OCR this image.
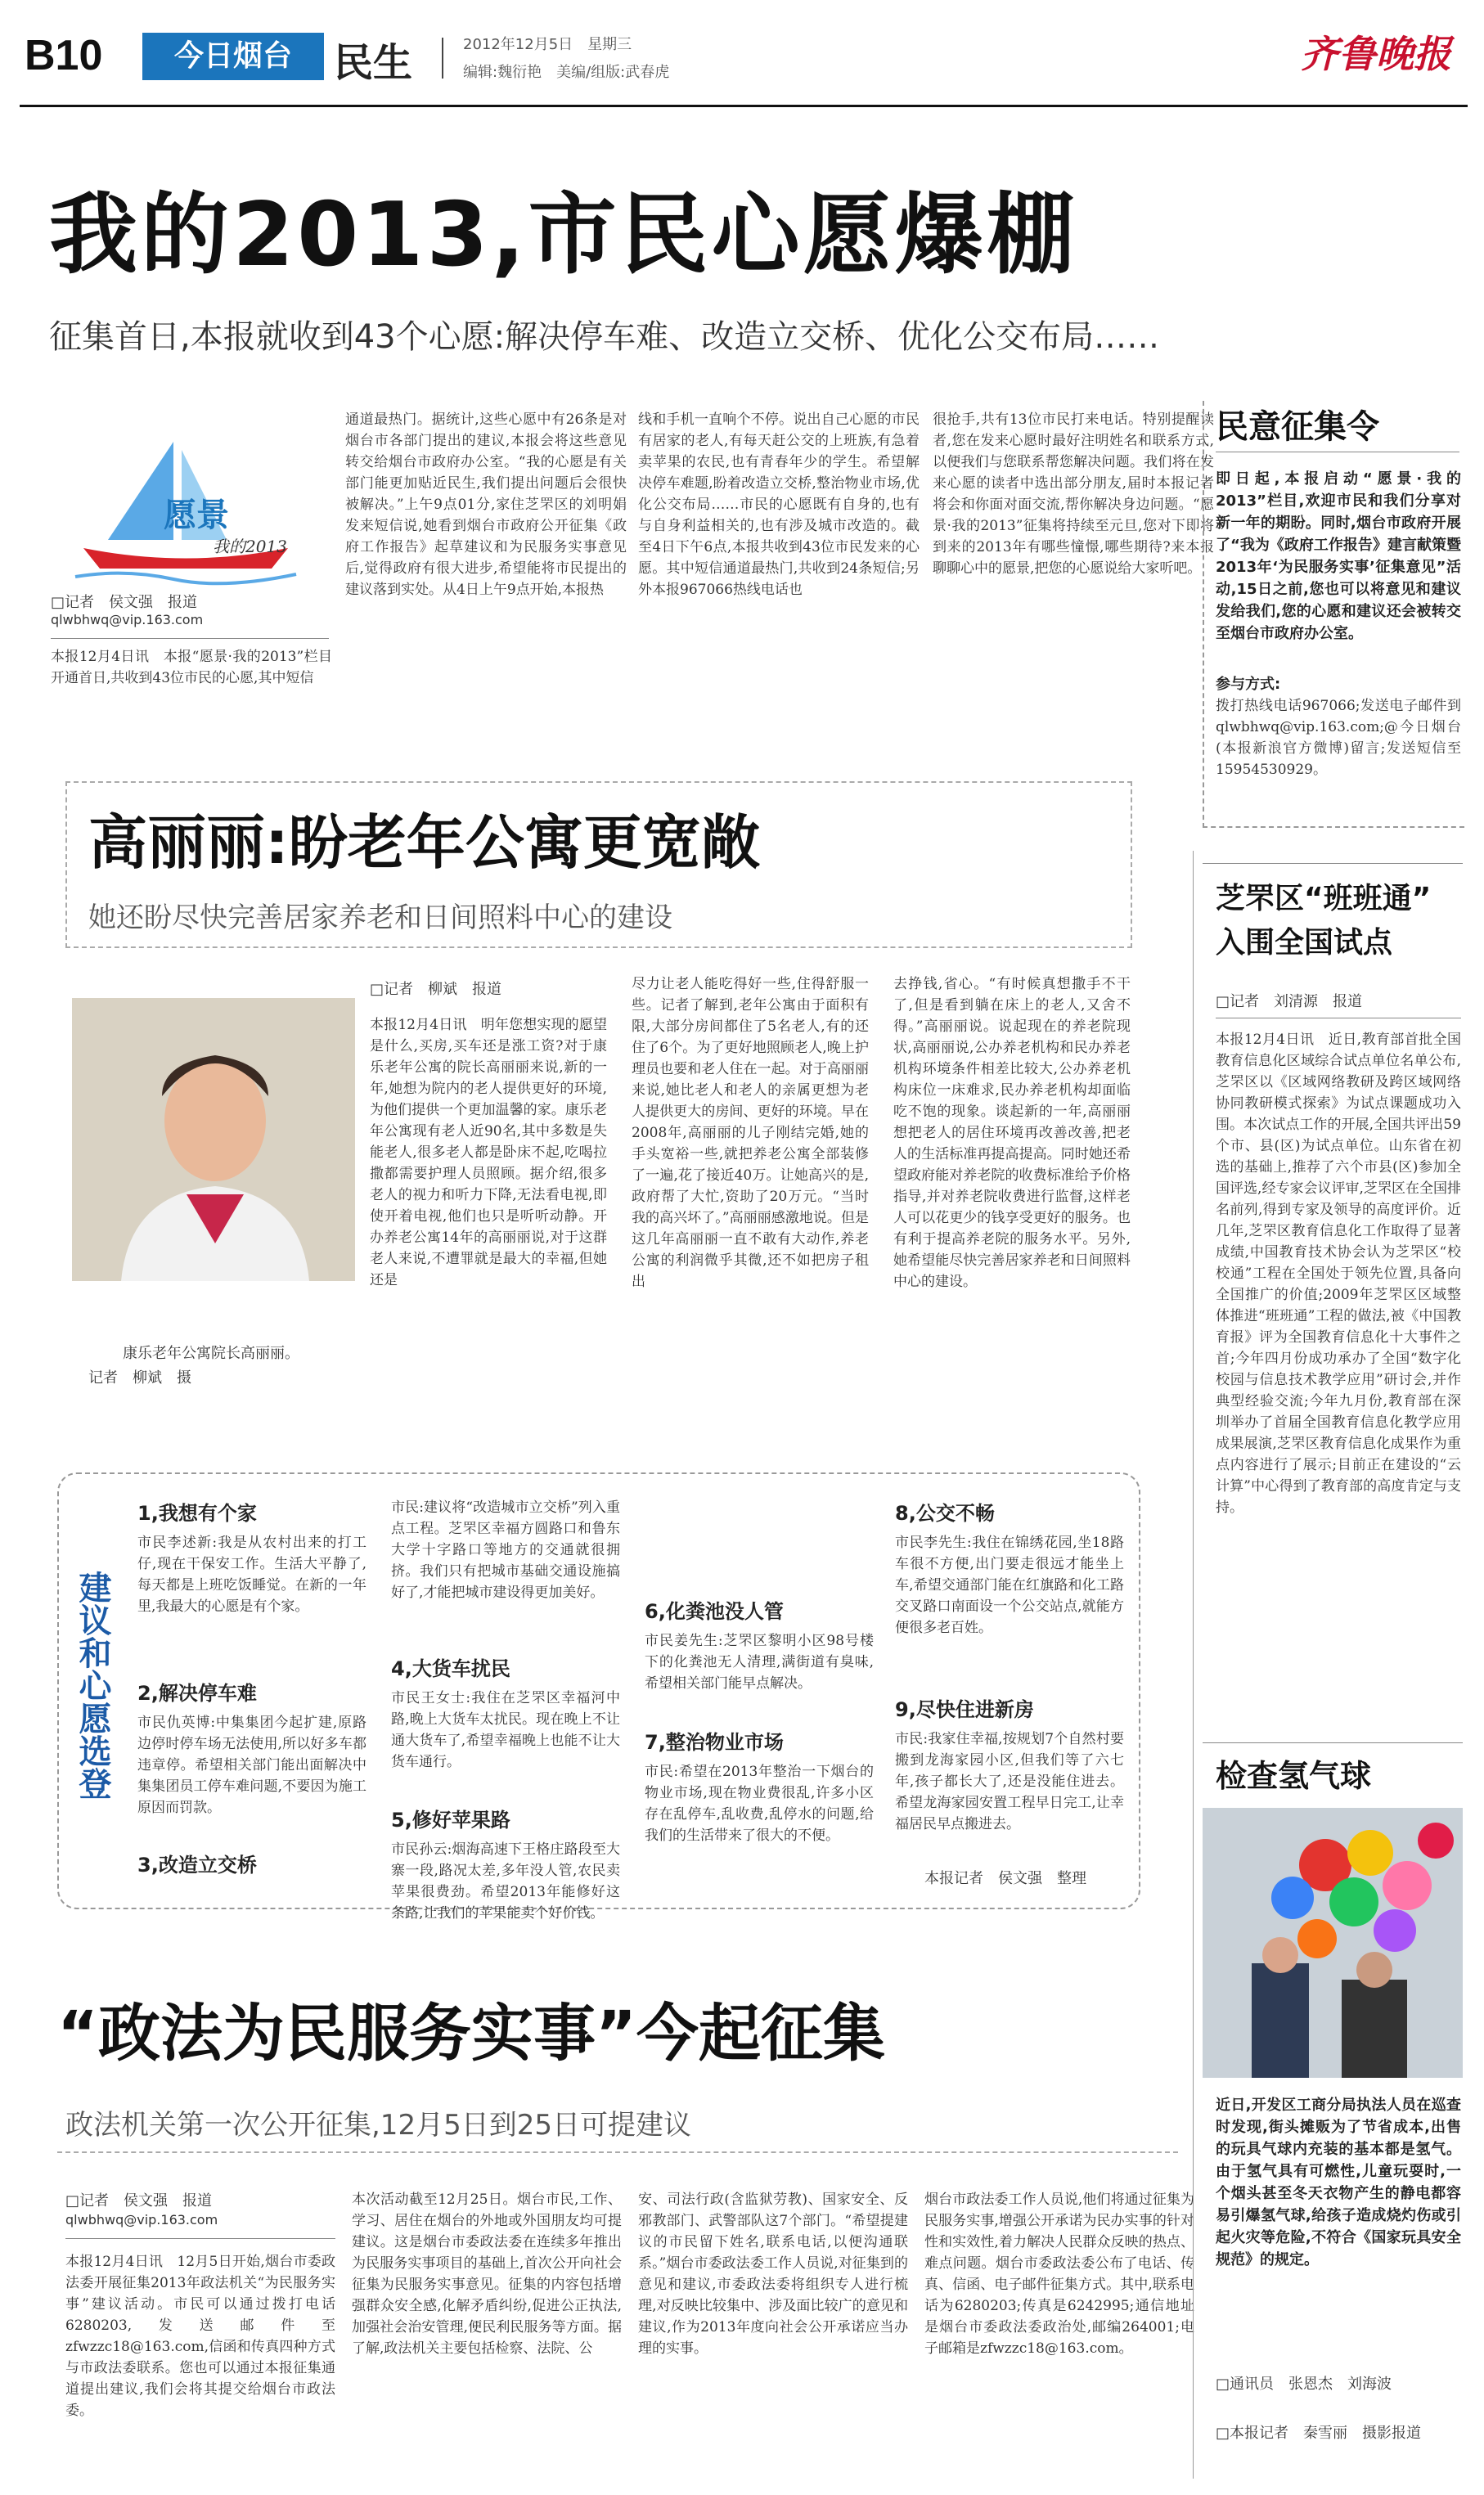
B10	今日烟台	民生	2012年12月5日　星期三
编辑:魏衍艳　美编/组版:武春虎	齐鲁晚报
我的2013,市民心愿爆棚
征集首日,本报就收到43个心愿:解决停车难、改造立交桥、优化公交布局……
愿景
我的2013
□记者　侯文强　报道
qlwbhwq@vip.163.com
本报12月4日讯　本报“愿景·我的2013”栏目开通首日,共收到43位市民的心愿,其中短信
通道最热门。据统计,这些心愿中有26条是对烟台市各部门提出的建议,本报会将这些意见转交给烟台市政府办公室。“我的心愿是有关部门能更加贴近民生,我们提出问题后会很快被解决。”上午9点01分,家住芝罘区的刘明娟发来短信说,她看到烟台市政府公开征集《政府工作报告》起草建议和为民服务实事意见后,觉得政府有很大进步,希望能将市民提出的建议落到实处。从4日上午9点开始,本报热
线和手机一直响个不停。说出自己心愿的市民有居家的老人,有每天赶公交的上班族,有急着卖苹果的农民,也有青春年少的学生。希望解决停车难题,盼着改造立交桥,整治物业市场,优化公交布局……市民的心愿既有自身的,也有与自身利益相关的,也有涉及城市改造的。截至4日下午6点,本报共收到43位市民发来的心愿。其中短信通道最热门,共收到24条短信;另外本报967066热线电话也
很抢手,共有13位市民打来电话。特别提醒读者,您在发来心愿时最好注明姓名和联系方式,以便我们与您联系帮您解决问题。我们将在发来心愿的读者中选出部分朋友,届时本报记者将会和你面对面交流,帮你解决身边问题。“愿景·我的2013”征集将持续至元旦,您对下即将到来的2013年有哪些憧憬,哪些期待?来本报聊聊心中的愿景,把您的心愿说给大家听吧。
民意征集令
即日起,本报启动“愿景·我的2013”栏目,欢迎市民和我们分享对新一年的期盼。同时,烟台市政府开展了“我为《政府工作报告》建言献策暨2013年‘为民服务实事’征集意见”活动,15日之前,您也可以将意见和建议发给我们,您的心愿和建议还会被转交至烟台市政府办公室。
参与方式:
拨打热线电话967066;发送电子邮件到qlwbhwq@vip.163.com;@今日烟台(本报新浪官方微博)留言;发送短信至15954530929。
高丽丽:盼老年公寓更宽敞
她还盼尽快完善居家养老和日间照料中心的建设
康乐老年公寓院长高丽丽。
记者　柳斌　摄
□记者　柳斌　报道
本报12月4日讯　明年您想实现的愿望是什么,买房,买车还是涨工资?对于康乐老年公寓的院长高丽丽来说,新的一年,她想为院内的老人提供更好的环境,为他们提供一个更加温馨的家。康乐老年公寓现有老人近90名,其中多数是失能老人,很多老人都是卧床不起,吃喝拉撒都需要护理人员照顾。据介绍,很多老人的视力和听力下降,无法看电视,即使开着电视,他们也只是听听动静。开办养老公寓14年的高丽丽说,对于这群老人来说,不遭罪就是最大的幸福,但她还是
尽力让老人能吃得好一些,住得舒服一些。记者了解到,老年公寓由于面积有限,大部分房间都住了5名老人,有的还住了6个。为了更好地照顾老人,晚上护理员也要和老人住在一起。对于高丽丽来说,她比老人和老人的亲属更想为老人提供更大的房间、更好的环境。早在2008年,高丽丽的儿子刚结完婚,她的手头宽裕一些,就把养老公寓全部装修了一遍,花了接近40万。让她高兴的是,政府帮了大忙,资助了20万元。“当时我的高兴坏了。”高丽丽感激地说。但是这几年高丽丽一直不敢有大动作,养老公寓的利润微乎其微,还不如把房子租出
去挣钱,省心。“有时候真想撒手不干了,但是看到躺在床上的老人,又舍不得。”高丽丽说。说起现在的养老院现状,高丽丽说,公办养老机构和民办养老机构环境条件相差比较大,公办养老机构床位一床难求,民办养老机构却面临吃不饱的现象。谈起新的一年,高丽丽想把老人的居住环境再改善改善,把老人的生活标准再提高提高。同时她还希望政府能对养老院的收费标准给予价格指导,并对养老院收费进行监督,这样老人可以花更少的钱享受更好的服务。也有利于提高养老院的服务水平。另外,她希望能尽快完善居家养老和日间照料中心的建设。
建议和心愿选登
1,我想有个家
市民李述新:我是从农村出来的打工仔,现在干保安工作。生活大平静了,每天都是上班吃饭睡觉。在新的一年里,我最大的心愿是有个家。
2,解决停车难
市民仇英博:中集集团今起扩建,原路边停时停车场无法使用,所以好多车都违章停。希望相关部门能出面解决中集集团员工停车难问题,不要因为施工原因而罚款。
3,改造立交桥
市民:建议将“改造城市立交桥”列入重点工程。芝罘区幸福方圆路口和鲁东大学十字路口等地方的交通就很拥挤。我们只有把城市基础交通设施搞好了,才能把城市建设得更加美好。
4,大货车扰民
市民王女士:我住在芝罘区幸福河中路,晚上大货车太扰民。现在晚上不让通大货车了,希望幸福晚上也能不让大货车通行。
5,修好苹果路
市民孙云:烟海高速下王格庄路段至大寨一段,路况太差,多年没人管,农民卖苹果很费劲。希望2013年能修好这条路,让我们的苹果能卖个好价钱。
6,化粪池没人管
市民姜先生:芝罘区黎明小区98号楼下的化粪池无人清理,满街道有臭味,希望相关部门能早点解决。
7,整治物业市场
市民:希望在2013年整治一下烟台的物业市场,现在物业费很乱,许多小区存在乱停车,乱收费,乱停水的问题,给我们的生活带来了很大的不便。
8,公交不畅
市民李先生:我住在锦绣花园,坐18路车很不方便,出门要走很远才能坐上车,希望交通部门能在红旗路和化工路交叉路口南面设一个公交站点,就能方便很多老百姓。
9,尽快住进新房
市民:我家住幸福,按规划7个自然村要搬到龙海家园小区,但我们等了六七年,孩子都长大了,还是没能住进去。希望龙海家园安置工程早日完工,让幸福居民早点搬进去。
本报记者　侯文强　整理
“政法为民服务实事”今起征集
政法机关第一次公开征集,12月5日到25日可提建议
□记者　侯文强　报道
qlwbhwq@vip.163.com
本报12月4日讯　12月5日开始,烟台市委政法委开展征集2013年政法机关“为民服务实事”建议活动。市民可以通过拨打电话6280203,发送邮件至zfwzzc18@163.com,信函和传真四种方式与市政法委联系。您也可以通过本报征集通道提出建议,我们会将其提交给烟台市政法委。
本次活动截至12月25日。烟台市民,工作、学习、居住在烟台的外地或外国朋友均可提建议。这是烟台市委政法委在连续多年推出为民服务实事项目的基础上,首次公开向社会征集为民服务实事意见。征集的内容包括增强群众安全感,化解矛盾纠纷,促进公正执法,加强社会治安管理,便民利民服务等方面。据了解,政法机关主要包括检察、法院、公
安、司法行政(含监狱劳教)、国家安全、反邪教部门、武警部队这7个部门。“希望提建议的市民留下姓名,联系电话,以便沟通联系。”烟台市委政法委工作人员说,对征集到的意见和建议,市委政法委将组织专人进行梳理,对反映比较集中、涉及面比较广的意见和建议,作为2013年度向社会公开承诺应当办理的实事。
烟台市政法委工作人员说,他们将通过征集为民服务实事,增强公开承诺为民办实事的针对性和实效性,着力解决人民群众反映的热点、难点问题。烟台市委政法委公布了电话、传真、信函、电子邮件征集方式。其中,联系电话为6280203;传真是6242995;通信地址是烟台市委政法委政治处,邮编264001;电子邮箱是zfwzzc18@163.com。
芝罘区“班班通”
入围全国试点
□记者　刘清源　报道
本报12月4日讯　近日,教育部首批全国教育信息化区域综合试点单位名单公布,芝罘区以《区域网络教研及跨区域网络协同教研模式探索》为试点课题成功入围。本次试点工作的开展,全国共评出59个市、县(区)为试点单位。山东省在初选的基础上,推荐了六个市县(区)参加全国评选,经专家会议评审,芝罘区在全国排名前列,得到专家及领导的高度评价。近几年,芝罘区教育信息化工作取得了显著成绩,中国教育技术协会认为芝罘区“校校通”工程在全国处于领先位置,具备向全国推广的价值;2009年芝罘区区域整体推进“班班通”工程的做法,被《中国教育报》评为全国教育信息化十大事件之首;今年四月份成功承办了全国“数字化校园与信息技术教学应用”研讨会,并作典型经验交流;今年九月份,教育部在深圳举办了首届全国教育信息化教学应用成果展演,芝罘区教育信息化成果作为重点内容进行了展示;目前正在建设的“云计算”中心得到了教育部的高度肯定与支持。
检查氢气球
近日,开发区工商分局执法人员在巡查时发现,街头摊贩为了节省成本,出售的玩具气球内充装的基本都是氢气。由于氢气具有可燃性,儿童玩耍时,一个烟头甚至冬天衣物产生的静电都容易引爆氢气球,给孩子造成烧灼伤或引起火灾等危险,不符合《国家玩具安全规范》的规定。
□通讯员　张恩杰　刘海波
□本报记者　秦雪丽　摄影报道
